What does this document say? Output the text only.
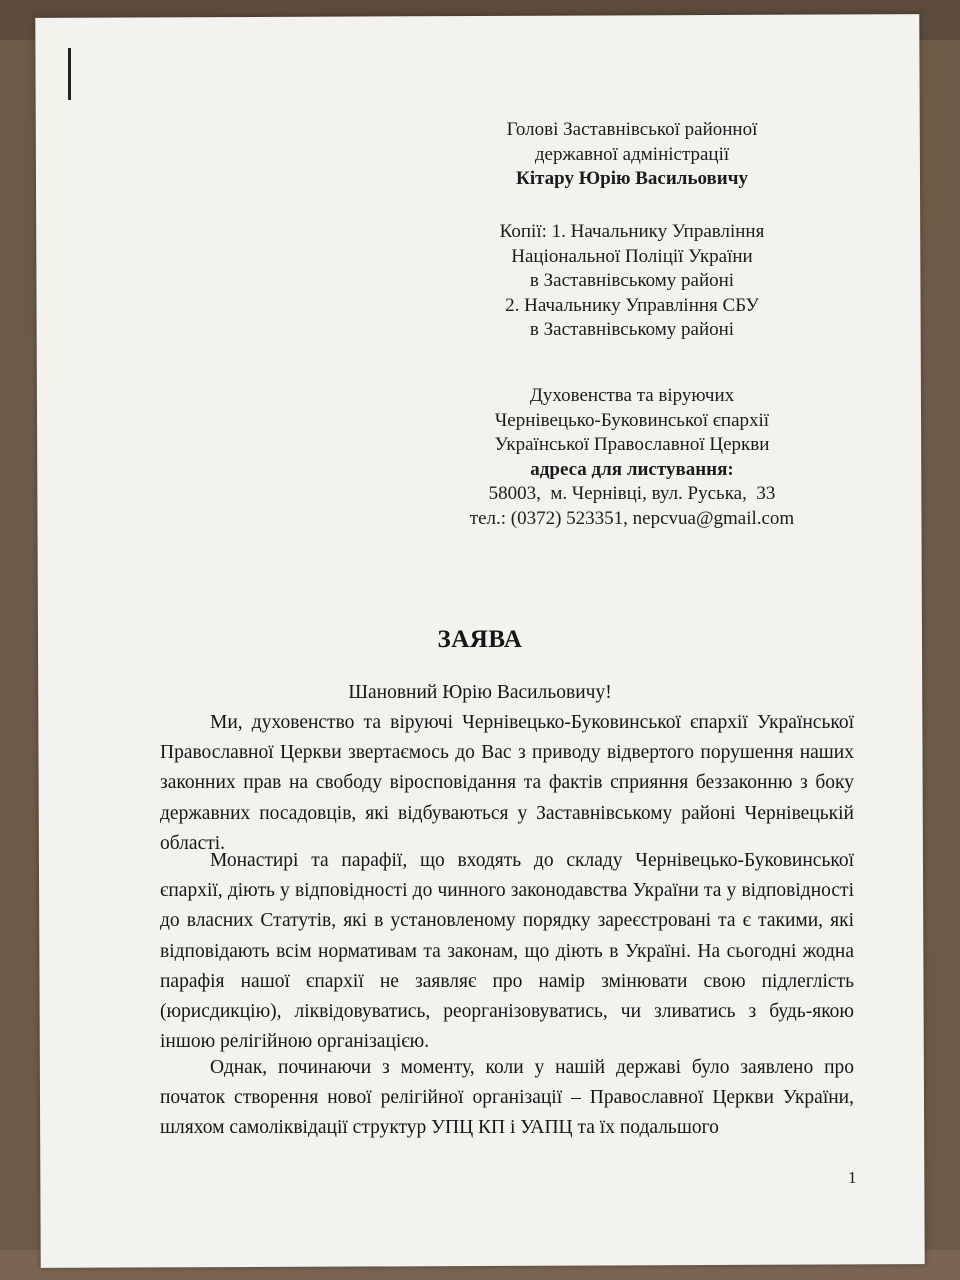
Голові Заставнівської районної
державної адміністрації
Кітару Юрію Васильовичу
Копії: 1. Начальнику Управління
Національної Поліції України
в Заставнівському районі
2. Начальнику Управління СБУ
в Заставнівському районі
Духовенства та віруючих
Чернівецько-Буковинської єпархії
Української Православної Церкви
адреса для листування:
58003,  м. Чернівці, вул. Руська,  33
тел.: (0372) 523351, nepcvua@gmail.com
ЗАЯВА
Шановний Юрію Васильовичу!

Ми, духовенство та віруючі Чернівецько-Буковинської єпархії Української Православної Церкви звертаємось до Вас з приводу відвертого порушення наших законних прав на свободу віросповідання та фактів сприяння беззаконню з боку державних посадовців, які відбуваються у Заставнівському районі Чернівецькій області.

Монастирі та парафії, що входять до складу Чернівецько-Буковинської єпархії, діють у відповідності до чинного законодавства України та у відповідності до власних Статутів, які в установленому порядку зареєстровані та є такими, які відповідають всім нормативам та законам, що діють в Україні. На сьогодні жодна парафія нашої єпархії не заявляє про намір змінювати свою підлеглість (юрисдикцію), ліквідовуватись, реорганізовуватись, чи зливатись з будь-якою іншою релігійною організацією.

Однак, починаючи з моменту, коли у нашій державі було заявлено про початок створення нової релігійної організації – Православної Церкви України, шляхом самоліквідації структур УПЦ КП і УАПЦ та їх подальшого

1
